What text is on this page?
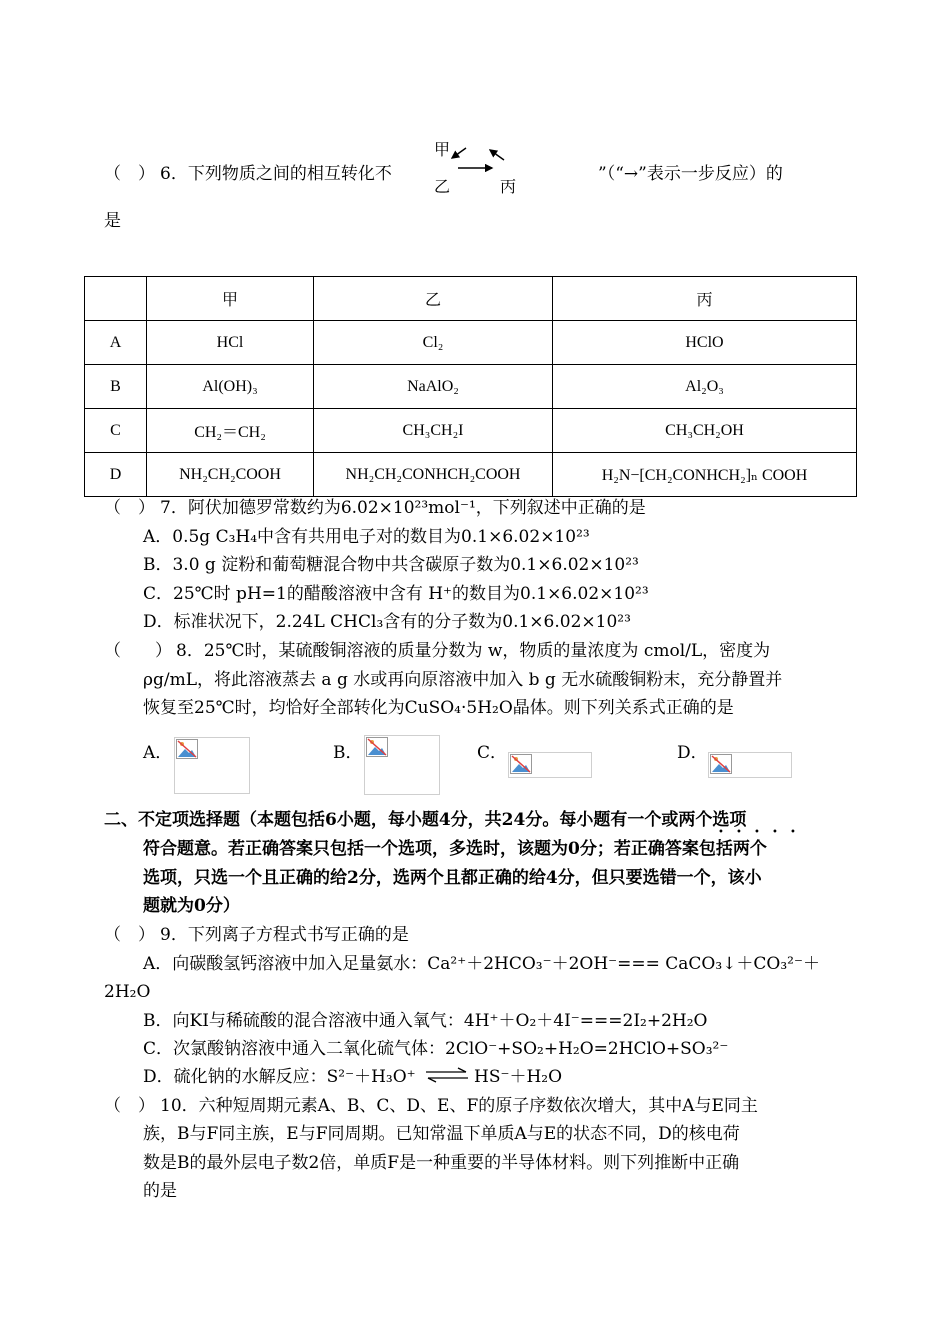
（　） 6．下列物质之间的相互转化不
甲
乙	丙
”（“→”表示一步反应）的
是
	甲	乙	丙
A	HCl	Cl₂	HClO
B	Al(OH)₃	NaAlO₂	Al₂O₃
C	CH₂＝CH₂	CH₃CH₂I	CH₃CH₂OH
D	NH₂CH₂COOH	NH₂CH₂CONHCH₂COOH	H₂N−[CH₂CONHCH₂]ₙ COOH
（　） 7．阿伏加德罗常数约为6.02×10²³mol⁻¹，下列叙述中正确的是
A．0.5g C₃H₄中含有共用电子对的数目为0.1×6.02×10²³
B．3.0 g 淀粉和葡萄糖混合物中共含碳原子数为0.1×6.02×10²³
C．25℃时 pH=1的醋酸溶液中含有 H⁺的数目为0.1×6.02×10²³
D．标准状况下，2.24L CHCl₃含有的分子数为0.1×6.02×10²³
（　　） 8．25℃时，某硫酸铜溶液的质量分数为 w，物质的量浓度为 cmol/L，密度为
ρg/mL，将此溶液蒸去 a g 水或再向原溶液中加入 b g 无水硫酸铜粉末，充分静置并
恢复至25℃时，均恰好全部转化为CuSO₄·5H₂O晶体。则下列关系式正确的是
A．	B．	C．	D．
二、不定项选择题（本题包括6小题，每小题4分，共24分。每小题有一个或两个选项
• • • • •
符合题意。若正确答案只包括一个选项，多选时，该题为0分；若正确答案包括两个
选项，只选一个且正确的给2分，选两个且都正确的给4分，但只要选错一个，该小
题就为0分）
（　） 9．下列离子方程式书写正确的是
A．向碳酸氢钙溶液中加入足量氨水：Ca²⁺＋2HCO₃⁻＋2OH⁻=== CaCO₃↓＋CO₃²⁻＋
2H₂O
B．向KI与稀硫酸的混合溶液中通入氧气：4H⁺＋O₂＋4I⁻===2I₂+2H₂O
C．次氯酸钠溶液中通入二氧化硫气体：2ClO⁻+SO₂+H₂O=2HClO+SO₃²⁻
D．硫化钠的水解反应：S²⁻＋H₃O⁺ ⇌ HS⁻＋H₂O
（　） 10．六种短周期元素A、B、C、D、E、F的原子序数依次增大，其中A与E同主
族，B与F同主族，E与F同周期。已知常温下单质A与E的状态不同，D的核电荷
数是B的最外层电子数2倍，单质F是一种重要的半导体材料。则下列推断中正确
的是
